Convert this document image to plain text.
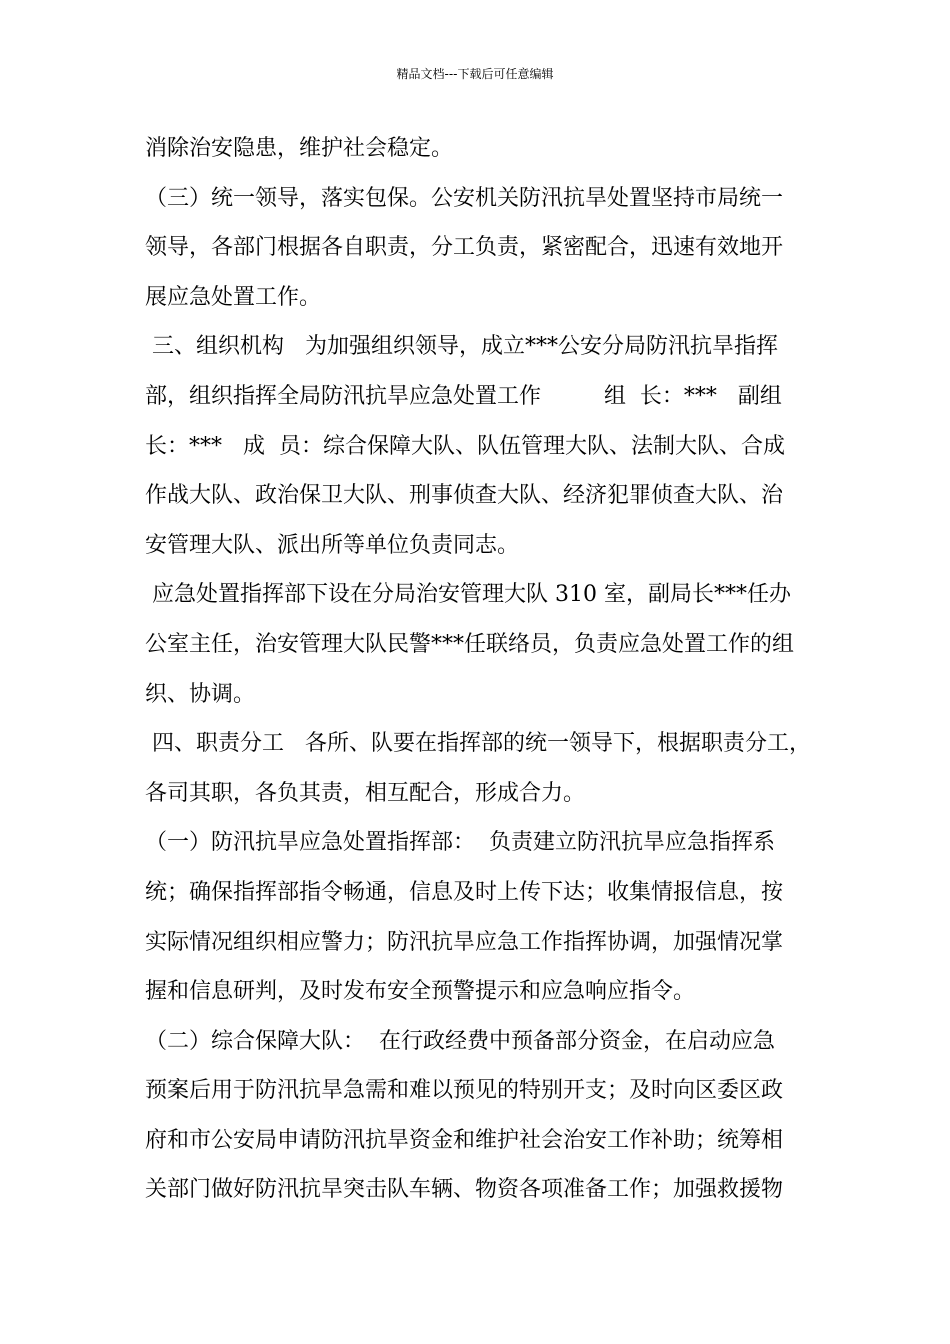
精品文档---下载后可任意编辑
消除治安隐患，维护社会稳定。
（三）统一领导，落实包保。公安机关防汛抗旱处置坚持市局统一
领导，各部门根据各自职责，分工负责，紧密配合，迅速有效地开
展应急处置工作。
三、组织机构   为加强组织领导，成立***公安分局防汛抗旱指挥
部，组织指挥全局防汛抗旱应急处置工作         组  长：***   副组
长：***   成  员：综合保障大队、队伍管理大队、法制大队、合成
作战大队、政治保卫大队、刑事侦查大队、经济犯罪侦查大队、治
安管理大队、派出所等单位负责同志。
应急处置指挥部下设在分局治安管理大队 310 室，副局长***任办
公室主任，治安管理大队民警***任联络员，负责应急处置工作的组
织、协调。
四、职责分工   各所、队要在指挥部的统一领导下，根据职责分工，
各司其职，各负其责，相互配合，形成合力。
（一）防汛抗旱应急处置指挥部：  负责建立防汛抗旱应急指挥系
统；确保指挥部指令畅通，信息及时上传下达；收集情报信息，按
实际情况组织相应警力；防汛抗旱应急工作指挥协调，加强情况掌
握和信息研判，及时发布安全预警提示和应急响应指令。
（二）综合保障大队：  在行政经费中预备部分资金，在启动应急
预案后用于防汛抗旱急需和难以预见的特别开支；及时向区委区政
府和市公安局申请防汛抗旱资金和维护社会治安工作补助；统筹相
关部门做好防汛抗旱突击队车辆、物资各项准备工作；加强救援物
